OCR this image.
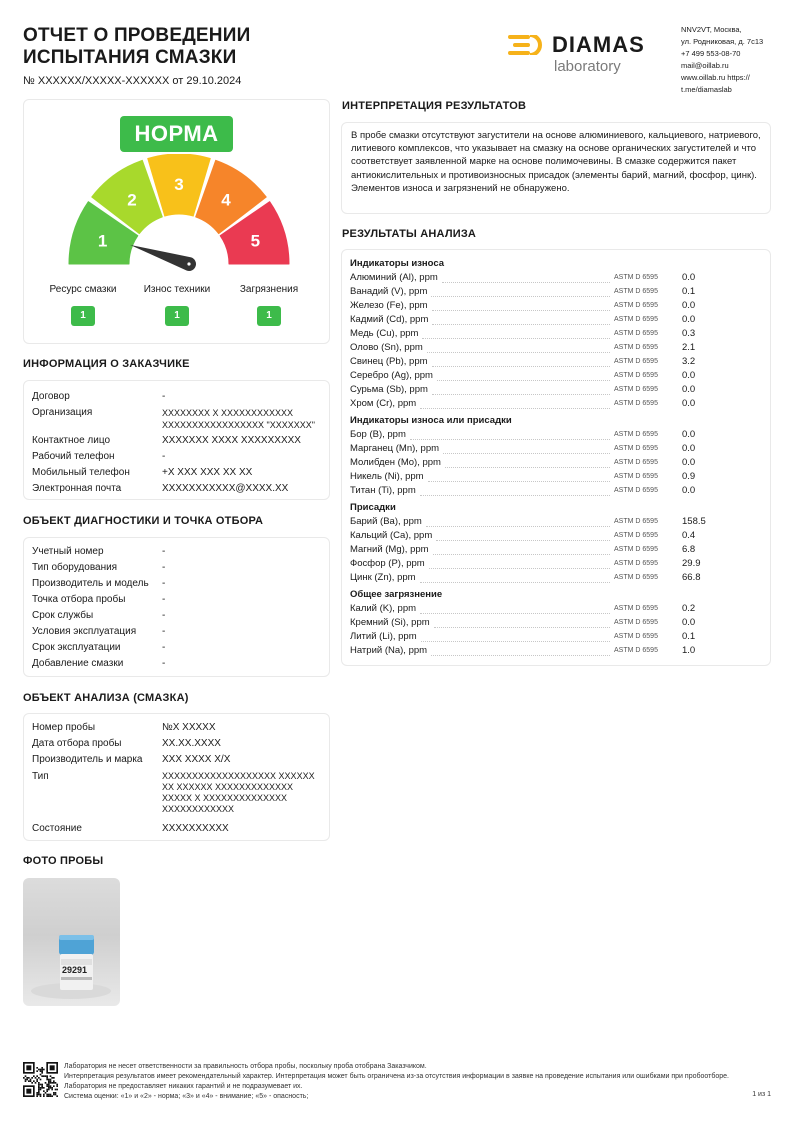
ОТЧЕТ О ПРОВЕДЕНИИ
ИСПЫТАНИЯ СМАЗКИ
№ XXXXXX/XXXXX-XXXXXX от 29.10.2024
DIAMAS
laboratory
NNV2VT, Москва,
ул. Родниковая, д. 7с13
+7 499 553-08-70
mail@oillab.ru
www.oillab.ru https://
t.me/diamaslab
НОРМА
1
2
3
4
5
Ресурс смазки	Износ техники	Загрязнения
1	1	1
ИНФОРМАЦИЯ О ЗАКАЗЧИКЕ
Договор	-
Организация	XXXXXXXX X XXXXXXXXXXXX XXXXXXXXXXXXXXXXX "XXXXXXX"
Контактное лицо	XXXXXXX XXXX XXXXXXXXX
Рабочий телефон	-
Мобильный телефон	+X XXX XXX XX XX
Электронная почта	XXXXXXXXXXX@XXXX.XX
ОБЪЕКТ ДИАГНОСТИКИ И ТОЧКА ОТБОРА
Учетный номер	-
Тип оборудования	-
Производитель и модель	-
Точка отбора пробы	-
Срок службы	-
Условия эксплуатация	-
Срок эксплуатации	-
Добавление смазки	-
ОБЪЕКТ АНАЛИЗА (СМАЗКА)
Номер пробы	№X XXXXX
Дата отбора пробы	XX.XX.XXXX
Производитель и марка	XXX XXXX X/X
Тип	XXXXXXXXXXXXXXXXXXX XXXXXX XX XXXXXX XXXXXXXXXXXXX XXXXX X XXXXXXXXXXXXXX XXXXXXXXXXXX
Состояние	XXXXXXXXXX
ФОТО ПРОБЫ
29291
ИНТЕРПРЕТАЦИЯ РЕЗУЛЬТАТОВ
В пробе смазки отсутствуют загустители на основе алюминиевого, кальциевого, натриевого, литиевого комплексов, что указывает на смазку на основе органических загустителей и что соответствует заявленной марке на основе полимочевины. В смазке содержится пакет антиокислительных и противоизносных присадок (элементы барий, магний, фосфор, цинк).
Элементов износа и загрязнений не обнаружено.
РЕЗУЛЬТАТЫ АНАЛИЗА
Индикаторы износа
Алюминий (Al), ppm	ASTM D 6595	0.0
Ванадий (V), ppm	ASTM D 6595	0.1
Железо (Fe), ppm	ASTM D 6595	0.0
Кадмий (Cd), ppm	ASTM D 6595	0.0
Медь (Cu), ppm	ASTM D 6595	0.3
Олово (Sn), ppm	ASTM D 6595	2.1
Свинец (Pb), ppm	ASTM D 6595	3.2
Серебро (Ag), ppm	ASTM D 6595	0.0
Сурьма (Sb), ppm	ASTM D 6595	0.0
Хром (Cr), ppm	ASTM D 6595	0.0
Индикаторы износа или присадки
Бор (B), ppm	ASTM D 6595	0.0
Марганец (Mn), ppm	ASTM D 6595	0.0
Молибден (Mo), ppm	ASTM D 6595	0.0
Никель (Ni), ppm	ASTM D 6595	0.9
Титан (Ti), ppm	ASTM D 6595	0.0
Присадки
Барий (Ba), ppm	ASTM D 6595	158.5
Кальций (Ca), ppm	ASTM D 6595	0.4
Магний (Mg), ppm	ASTM D 6595	6.8
Фосфор (P), ppm	ASTM D 6595	29.9
Цинк (Zn), ppm	ASTM D 6595	66.8
Общее загрязнение
Калий (K), ppm	ASTM D 6595	0.2
Кремний (Si), ppm	ASTM D 6595	0.0
Литий (Li), ppm	ASTM D 6595	0.1
Натрий (Na), ppm	ASTM D 6595	1.0
Лаборатория не несет ответственности за правильность отбора пробы, поскольку проба отобрана Заказчиком.
Интерпретация результатов имеет рекомендательный характер. Интерпретация может быть ограничена из-за отсутствия информации в заявке на проведение испытания или ошибками при пробоотборе. Лаборатория не предоставляет никаких гарантий и не подразумевает их.
Система оценки: «1» и «2» - норма; «3» и «4» - внимание; «5» - опасность;	1 из 1
